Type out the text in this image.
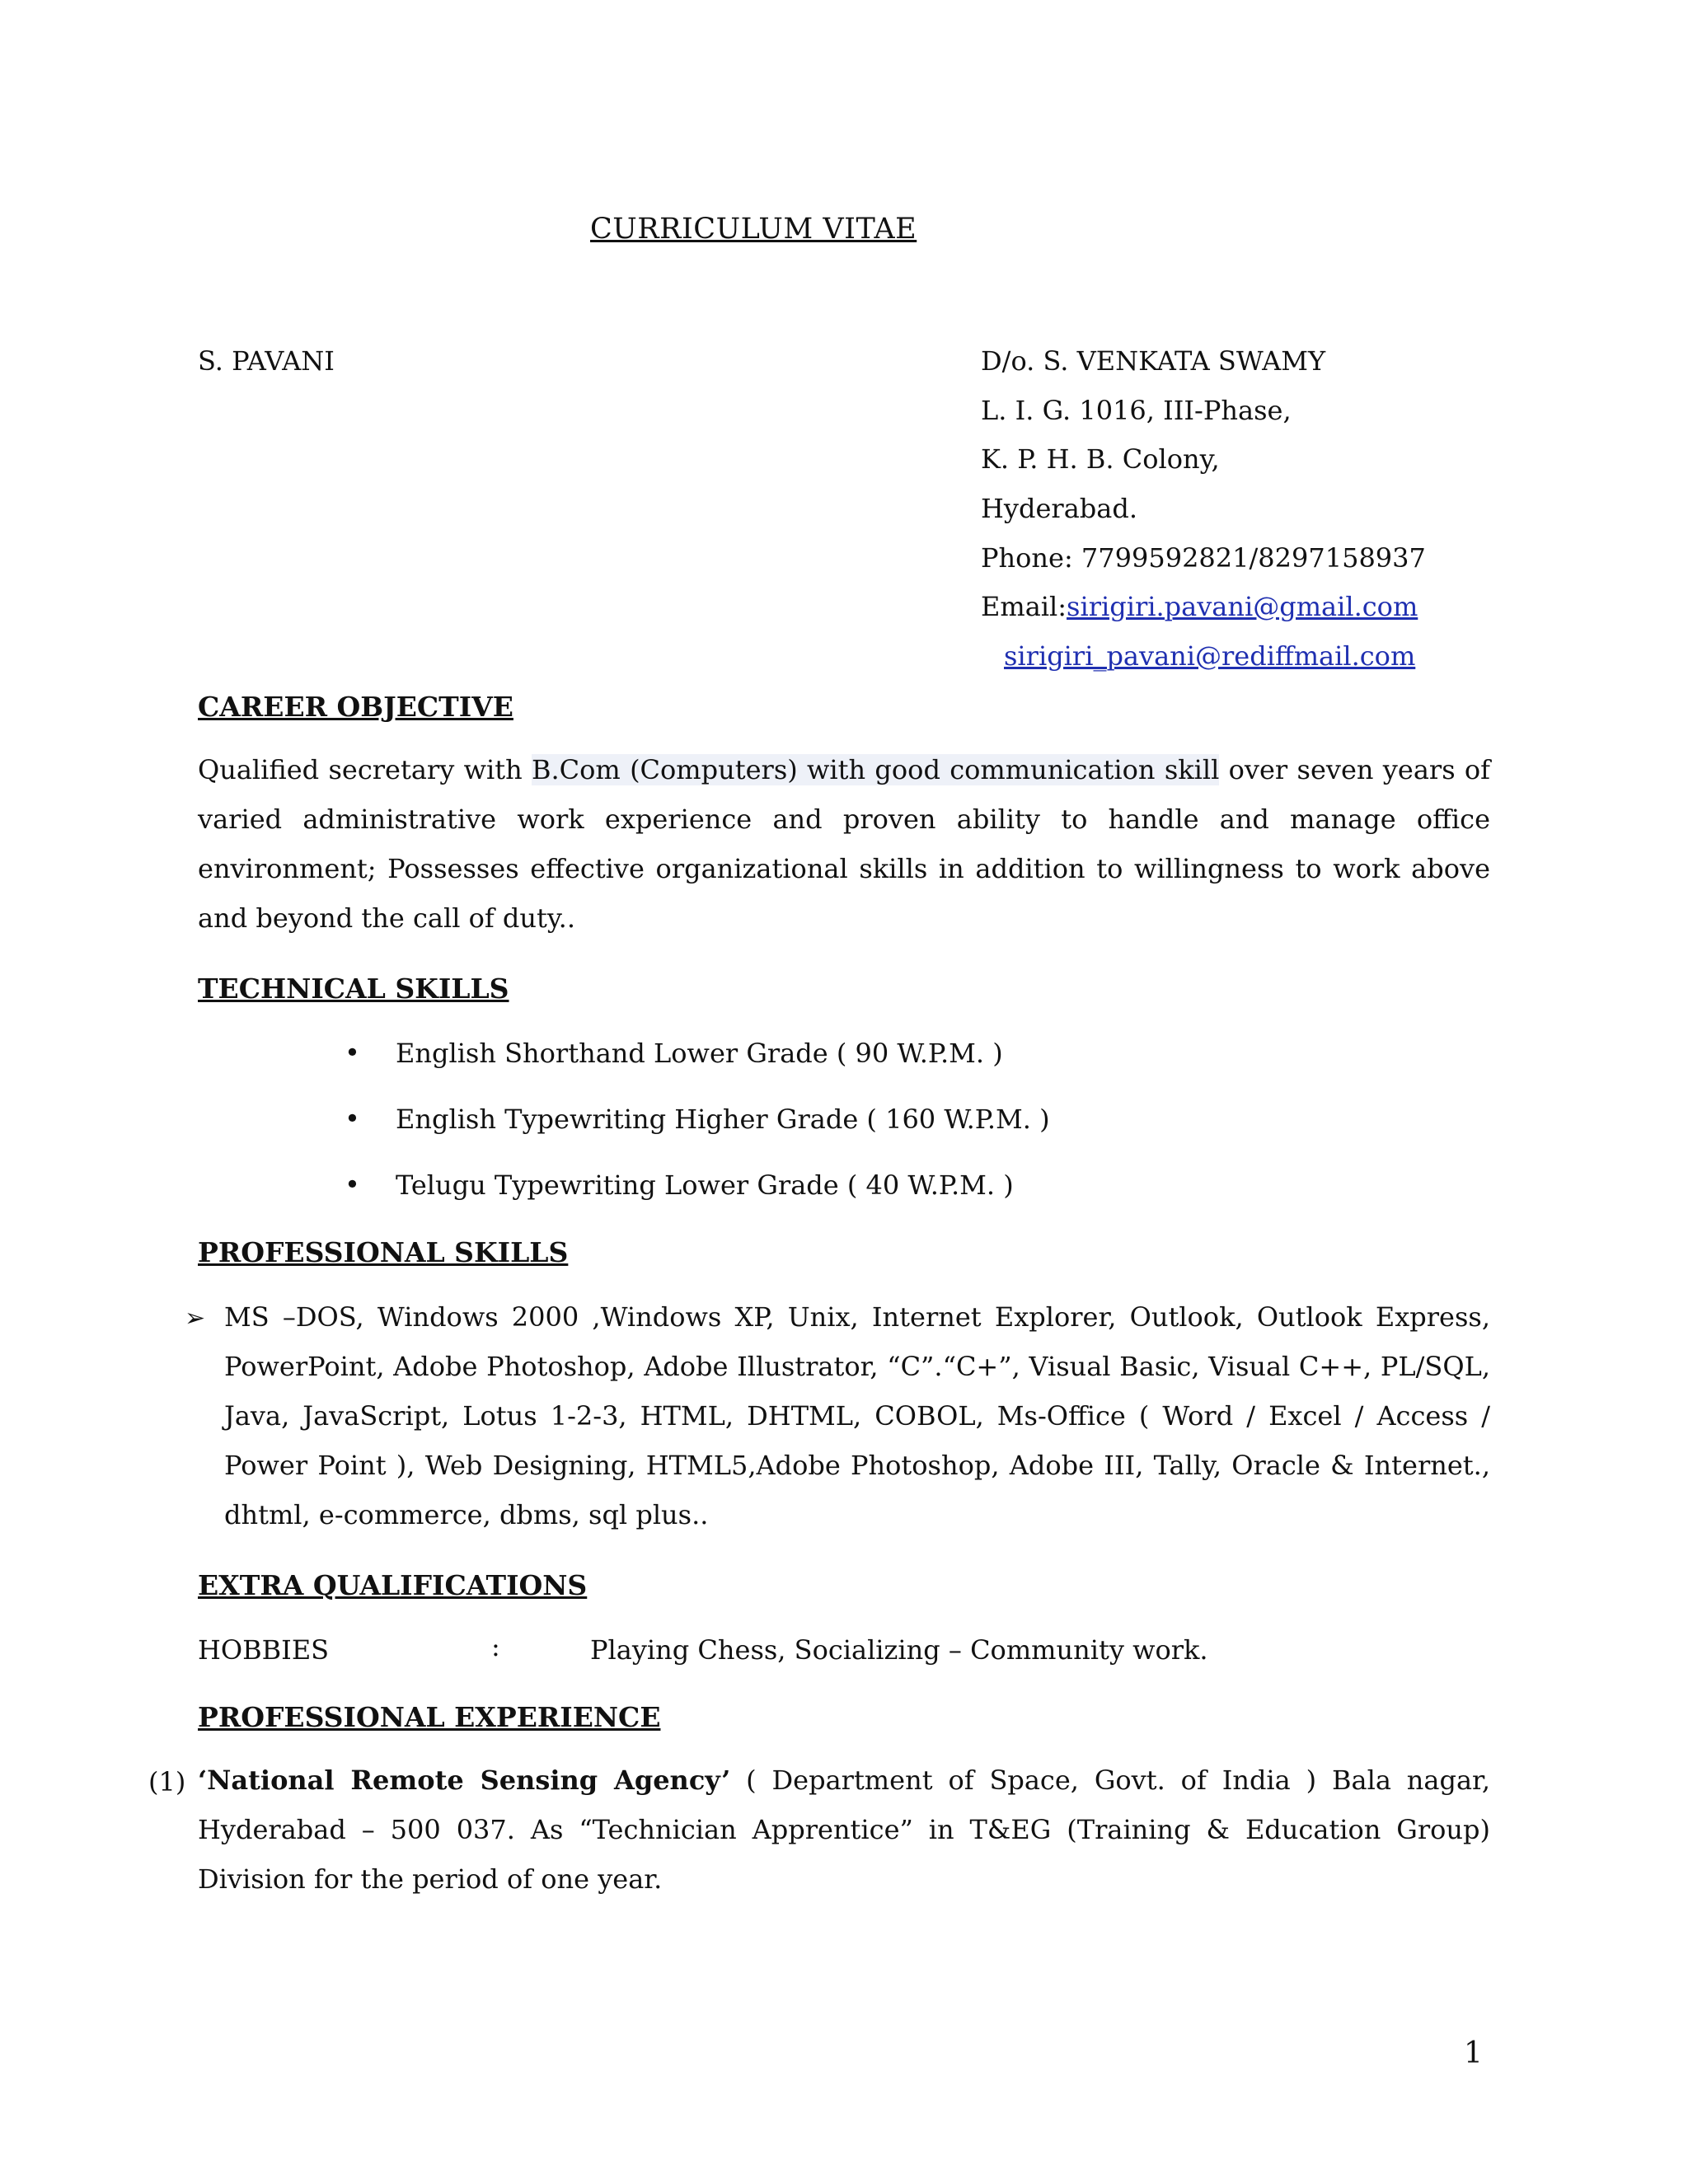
CURRICULUM VITAE

S. PAVANI	D/o. S. VENKATA SWAMY

L. I. G. 1016, III-Phase,

K. P. H. B. Colony,

Hyderabad.

Phone: 7799592821/8297158937

Email:sirigiri.pavani@gmail.com

sirigiri_pavani@rediffmail.com

CAREER OBJECTIVE

Qualified secretary with B.Com (Computers) with good communication skill over seven years of varied administrative work experience and proven ability to handle and manage office environment; Possesses effective organizational skills in addition to willingness to work above and beyond the call of duty..

TECHNICAL SKILLS

• English Shorthand Lower Grade ( 90 W.P.M. )
• English Typewriting Higher Grade ( 160 W.P.M. )
• Telugu Typewriting Lower Grade ( 40 W.P.M. )

PROFESSIONAL SKILLS

➢ MS –DOS, Windows 2000 ,Windows XP, Unix, Internet Explorer, Outlook, Outlook Express, PowerPoint, Adobe Photoshop, Adobe Illustrator, “C”.“C+”, Visual Basic, Visual C++, PL/SQL, Java, JavaScript, Lotus 1-2-3, HTML, DHTML, COBOL, Ms-Office ( Word / Excel / Access / Power Point ), Web Designing, HTML5,Adobe Photoshop, Adobe III, Tally, Oracle & Internet., dhtml, e-commerce, dbms, sql plus..

EXTRA QUALIFICATIONS

HOBBIES	:	Playing Chess, Socializing – Community work.

PROFESSIONAL EXPERIENCE

(1) ‘National Remote Sensing Agency’ ( Department of Space, Govt. of India ) Bala nagar, Hyderabad – 500 037. As “Technician Apprentice” in T&EG (Training & Education Group) Division for the period of one year.

1
